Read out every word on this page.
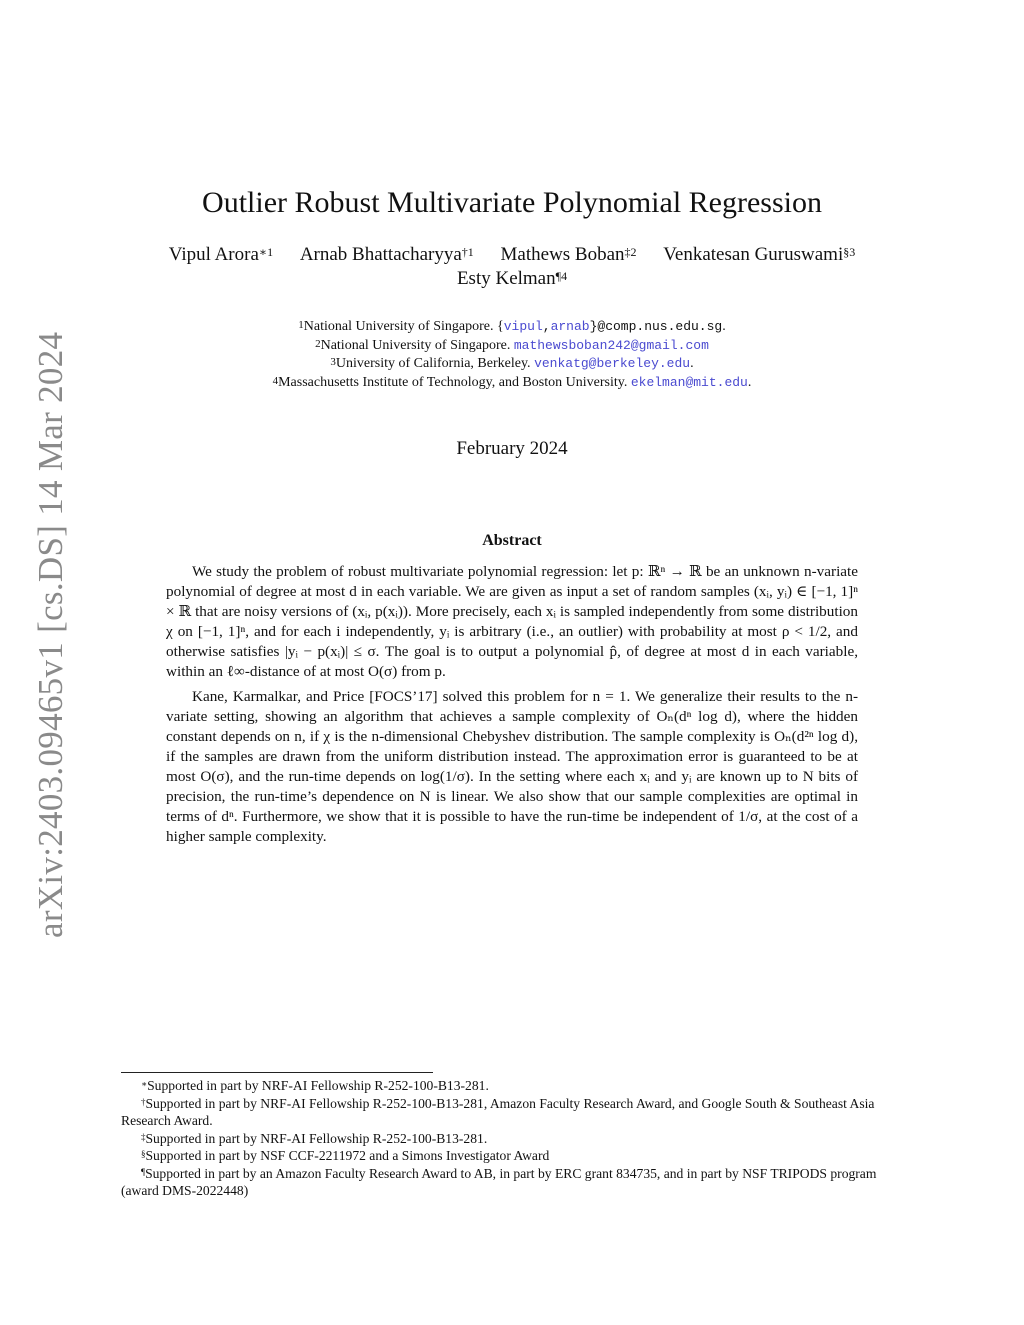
arXiv:2403.09465v1 [cs.DS] 14 Mar 2024
Outlier Robust Multivariate Polynomial Regression
Vipul Arora$^{∗1}$ Arnab Bhattacharyya$^{\dagger 1}$ Mathews Boban$^{\ddagger 2}$ Venkatesan Guruswami$^{\S 3}$
Esty Kelman$^{\P 4}$
$^1$National University of Singapore. {vipul,arnab}@comp.nus.edu.sg.
$^2$National University of Singapore. mathewsboban242@gmail.com
$^3$University of California, Berkeley. venkatg@berkeley.edu.
$^4$Massachusetts Institute of Technology, and Boston University. ekelman@mit.edu.
February 2024
Abstract

We study the problem of robust multivariate polynomial regression: let p: ℝⁿ → ℝ be an unknown n-variate polynomial of degree at most d in each variable. We are given as input a set of random samples (xᵢ, yᵢ) ∈ [−1, 1]ⁿ × ℝ that are noisy versions of (xᵢ, p(xᵢ)). More precisely, each xᵢ is sampled independently from some distribution χ on [−1, 1]ⁿ, and for each i independently, yᵢ is arbitrary (i.e., an outlier) with probability at most ρ < 1/2, and otherwise satisfies |yᵢ − p(xᵢ)| ≤ σ. The goal is to output a polynomial p̂, of degree at most d in each variable, within an ℓ∞-distance of at most O(σ) from p.

Kane, Karmalkar, and Price [FOCS’17] solved this problem for n = 1. We generalize their results to the n-variate setting, showing an algorithm that achieves a sample complexity of Oₙ(dⁿ log d), where the hidden constant depends on n, if χ is the n-dimensional Chebyshev distribution. The sample complexity is Oₙ(d²ⁿ log d), if the samples are drawn from the uniform distribution instead. The approximation error is guaranteed to be at most O(σ), and the run-time depends on log(1/σ). In the setting where each xᵢ and yᵢ are known up to N bits of precision, the run-time’s dependence on N is linear. We also show that our sample complexities are optimal in terms of dⁿ. Furthermore, we show that it is possible to have the run-time be independent of 1/σ, at the cost of a higher sample complexity.

∗Supported in part by NRF-AI Fellowship R-252-100-B13-281.

†Supported in part by NRF-AI Fellowship R-252-100-B13-281, Amazon Faculty Research Award, and Google South & Southeast Asia Research Award.

‡Supported in part by NRF-AI Fellowship R-252-100-B13-281.

§Supported in part by NSF CCF-2211972 and a Simons Investigator Award

¶Supported in part by an Amazon Faculty Research Award to AB, in part by ERC grant 834735, and in part by NSF TRIPODS program (award DMS-2022448)
